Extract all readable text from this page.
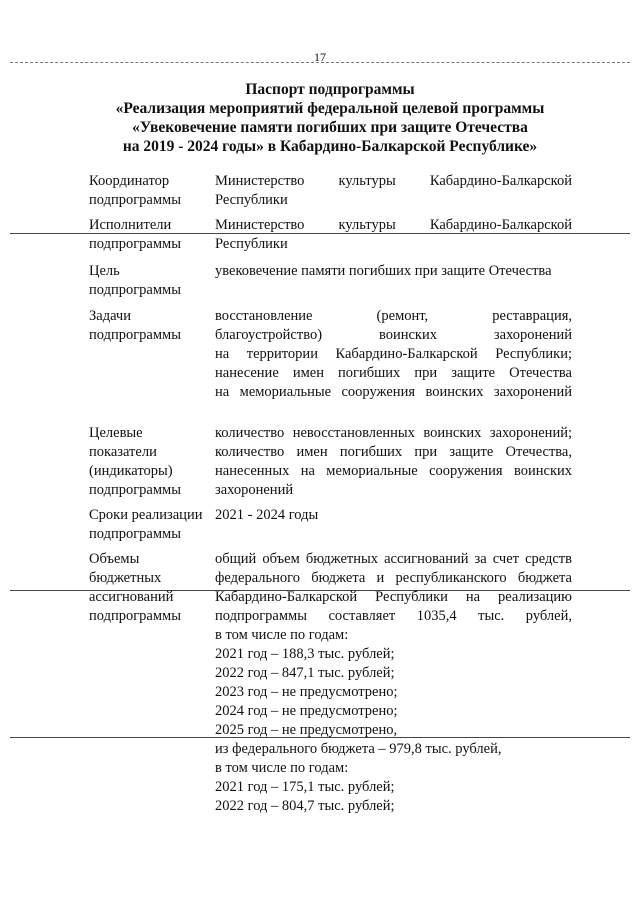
17
Паспорт подпрограммы
«Реализация мероприятий федеральной целевой программы
«Увековечение памяти погибших при защите Отечества
на 2019 - 2024 годы» в Кабардино-Балкарской Республике»
Координатор
подпрограммы
Министерство культуры Кабардино-Балкарской
Республики
Исполнители
подпрограммы
Министерство культуры Кабардино-Балкарской
Республики
Цель
подпрограммы
увековечение памяти погибших при защите Отечества
Задачи
подпрограммы
восстановление (ремонт, реставрация,
благоустройство) воинских захоронений
на территории Кабардино-Балкарской Республики;
нанесение имен погибших при защите Отечества
на мемориальные сооружения воинских захоронений
Целевые
показатели
(индикаторы)
подпрограммы
количество невосстановленных воинских захоронений;
количество имен погибших при защите Отечества,
нанесенных на мемориальные сооружения воинских
захоронений
Сроки реализации
подпрограммы
2021 - 2024 годы
Объемы
бюджетных
ассигнований
подпрограммы
общий объем бюджетных ассигнований за счет средств
федерального бюджета и республиканского бюджета
Кабардино-Балкарской Республики на реализацию
подпрограммы составляет 1035,4 тыс. рублей,
в том числе по годам:
2021 год – 188,3 тыс. рублей;
2022 год – 847,1 тыс. рублей;
2023 год – не предусмотрено;
2024 год – не предусмотрено;
2025 год – не предусмотрено,
из федерального бюджета – 979,8 тыс. рублей,
в том числе по годам:
2021 год – 175,1 тыс. рублей;
2022 год – 804,7 тыс. рублей;
